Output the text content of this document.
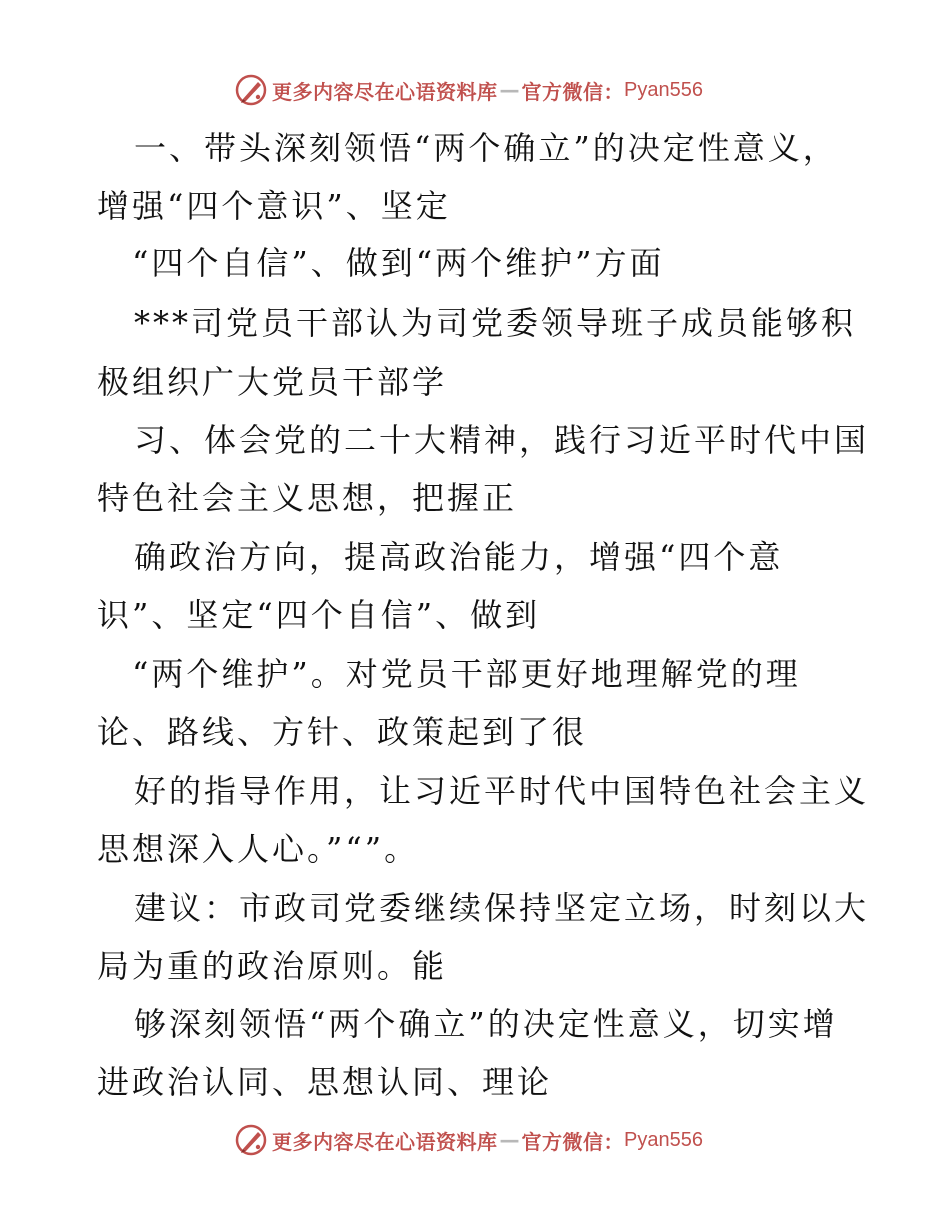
更多内容尽在心语资料库 — 官方微信： Pyan556
一、带头深刻领悟“两个确立”的决定性意义，
增强“四个意识”、坚定
“四个自信”、做到“两个维护”方面
***司党员干部认为司党委领导班子成员能够积
极组织广大党员干部学
习、体会党的二十大精神，践行习近平时代中国
特色社会主义思想，把握正
确政治方向，提高政治能力，增强“四个意
识”、坚定“四个自信”、做到
“两个维护”。对党员干部更好地理解党的理
论、路线、方针、政策起到了很
好的指导作用，让习近平时代中国特色社会主义
思想深入人心。”“”。
建议：市政司党委继续保持坚定立场，时刻以大
局为重的政治原则。能
够深刻领悟“两个确立”的决定性意义，切实增
进政治认同、思想认同、理论
更多内容尽在心语资料库 — 官方微信： Pyan556
